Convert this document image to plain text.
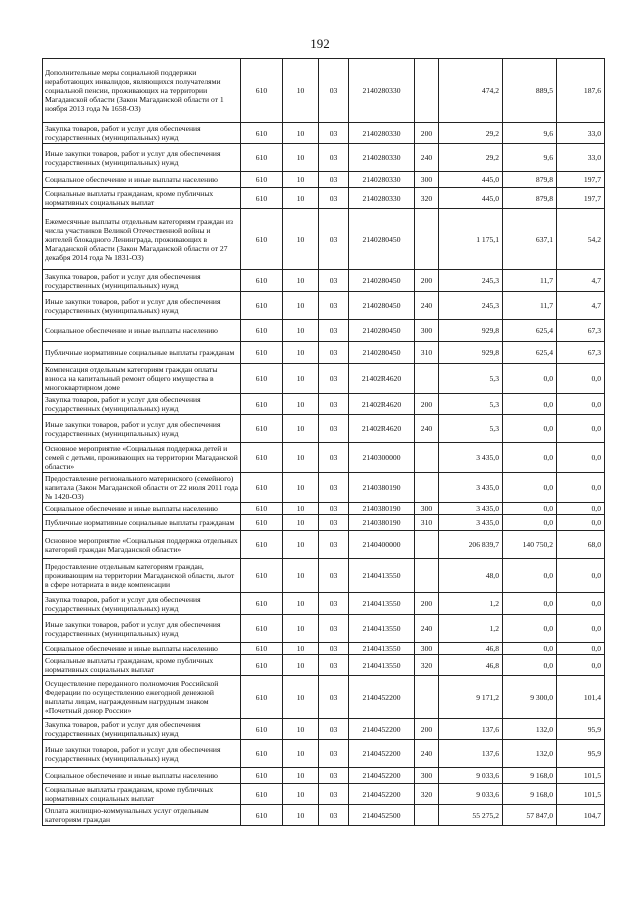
192
Дополнительные меры социальной поддержки неработающих инвалидов, являющихся получателями социальной пенсии, проживающих на территории Магаданской области (Закон Магаданской области от 1 ноября 2013 года № 1658-ОЗ)	610	10	03	2140280330		474,2	889,5	187,6
Закупка товаров, работ и услуг для обеспечения государственных (муниципальных) нужд	610	10	03	2140280330	200	29,2	9,6	33,0
Иные закупки товаров, работ и услуг для обеспечения государственных (муниципальных) нужд	610	10	03	2140280330	240	29,2	9,6	33,0
Социальное обеспечение и иные выплаты населению	610	10	03	2140280330	300	445,0	879,8	197,7
Социальные выплаты гражданам, кроме публичных нормативных социальных выплат	610	10	03	2140280330	320	445,0	879,8	197,7
Ежемесячные выплаты отдельным категориям граждан из числа участников Великой Отечественной войны и жителей блокадного Ленинграда, проживающих в Магаданской области (Закон Магаданской области от 27 декабря 2014 года № 1831-ОЗ)	610	10	03	2140280450		1 175,1	637,1	54,2
Закупка товаров, работ и услуг для обеспечения государственных (муниципальных) нужд	610	10	03	2140280450	200	245,3	11,7	4,7
Иные закупки товаров, работ и услуг для обеспечения государственных (муниципальных) нужд	610	10	03	2140280450	240	245,3	11,7	4,7
Социальное обеспечение и иные выплаты населению	610	10	03	2140280450	300	929,8	625,4	67,3
Публичные нормативные социальные выплаты гражданам	610	10	03	2140280450	310	929,8	625,4	67,3
Компенсация отдельным категориям граждан оплаты взноса на капитальный ремонт общего имущества в многоквартирном доме	610	10	03	21402R4620		5,3	0,0	0,0
Закупка товаров, работ и услуг для обеспечения государственных (муниципальных) нужд	610	10	03	21402R4620	200	5,3	0,0	0,0
Иные закупки товаров, работ и услуг для обеспечения государственных (муниципальных) нужд	610	10	03	21402R4620	240	5,3	0,0	0,0
Основное мероприятие «Социальная поддержка детей и семей с детьми, проживающих на территории Магаданской области»	610	10	03	2140300000		3 435,0	0,0	0,0
Предоставление регионального материнского (семейного) капитала (Закон Магаданской области от 22 июля 2011 года № 1420-ОЗ)	610	10	03	2140380190		3 435,0	0,0	0,0
Социальное обеспечение и иные выплаты населению	610	10	03	2140380190	300	3 435,0	0,0	0,0
Публичные нормативные социальные выплаты гражданам	610	10	03	2140380190	310	3 435,0	0,0	0,0
Основное мероприятие «Социальная поддержка отдельных категорий граждан Магаданской области»	610	10	03	2140400000		206 839,7	140 750,2	68,0
Предоставление отдельным категориям граждан, проживающим на территории Магаданской области, льгот в сфере нотариата в виде компенсации	610	10	03	2140413550		48,0	0,0	0,0
Закупка товаров, работ и услуг для обеспечения государственных (муниципальных) нужд	610	10	03	2140413550	200	1,2	0,0	0,0
Иные закупки товаров, работ и услуг для обеспечения государственных (муниципальных) нужд	610	10	03	2140413550	240	1,2	0,0	0,0
Социальное обеспечение и иные выплаты населению	610	10	03	2140413550	300	46,8	0,0	0,0
Социальные выплаты гражданам, кроме публичных нормативных социальных выплат	610	10	03	2140413550	320	46,8	0,0	0,0
Осуществление переданного полномочия Российской Федерации по осуществлению ежегодной денежной выплаты лицам, награжденным нагрудным знаком «Почетный донор России»	610	10	03	2140452200		9 171,2	9 300,0	101,4
Закупка товаров, работ и услуг для обеспечения государственных (муниципальных) нужд	610	10	03	2140452200	200	137,6	132,0	95,9
Иные закупки товаров, работ и услуг для обеспечения государственных (муниципальных) нужд	610	10	03	2140452200	240	137,6	132,0	95,9
Социальное обеспечение и иные выплаты населению	610	10	03	2140452200	300	9 033,6	9 168,0	101,5
Социальные выплаты гражданам, кроме публичных нормативных социальных выплат	610	10	03	2140452200	320	9 033,6	9 168,0	101,5
Оплата жилищно-коммунальных услуг отдельным категориям граждан	610	10	03	2140452500		55 275,2	57 847,0	104,7
